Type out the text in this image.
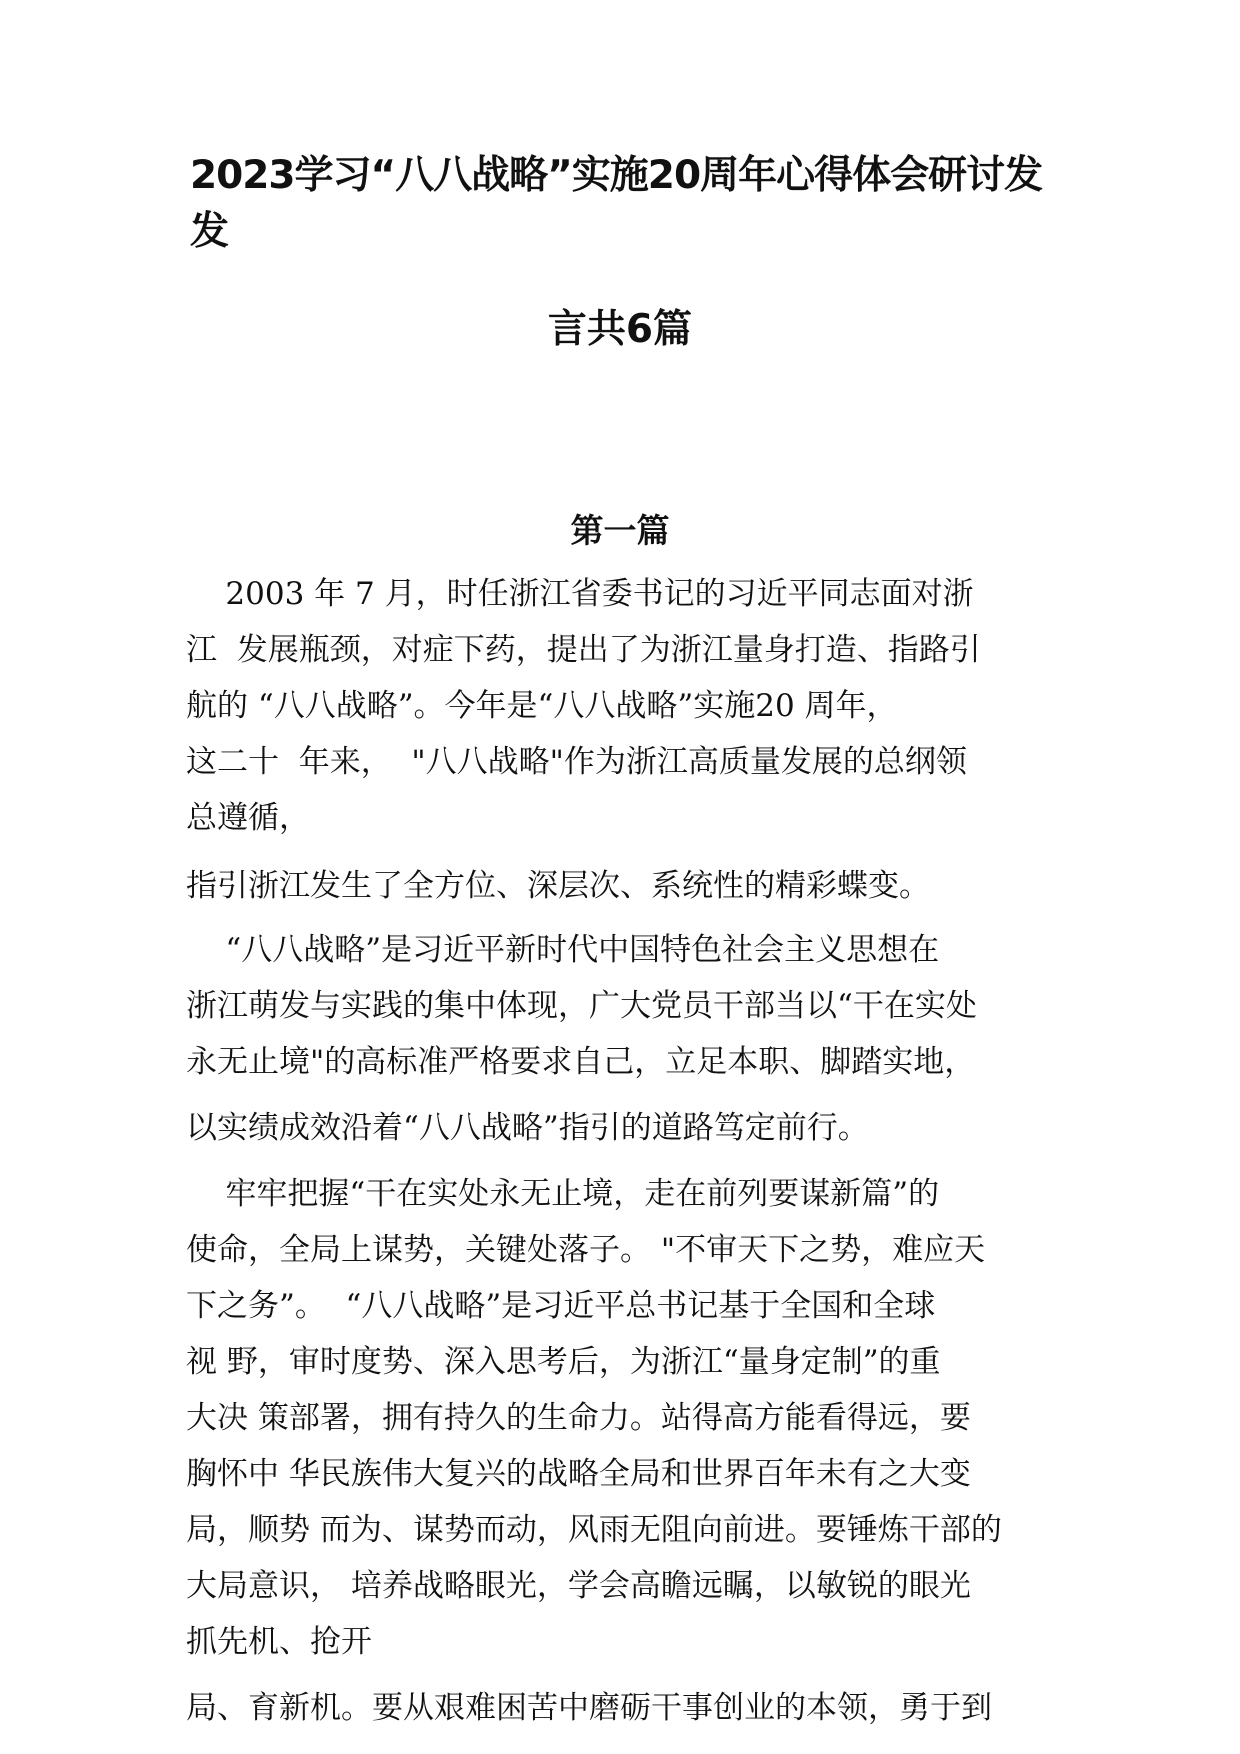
2023学习“八八战略”实施20周年心得体会研讨发
发
言共6篇
第一篇

2003 年 7 月，时任浙江省委书记的习近平同志面对浙
江  发展瓶颈，对症下药，提出了为浙江量身打造、指路引
航的 “八八战略”。今年是“八八战略”实施20 周年，
这二十  年来，  "八八战略"作为浙江高质量发展的总纲领
总遵循，

指引浙江发生了全方位、深层次、系统性的精彩蝶变。

“八八战略”是习近平新时代中国特色社会主义思想在
浙江萌发与实践的集中体现，广大党员干部当以“干在实处
永无止境"的高标准严格要求自己，立足本职、脚踏实地，

以实绩成效沿着“八八战略”指引的道路笃定前行。

牢牢把握“干在实处永无止境，走在前列要谋新篇”的
使命，全局上谋势，关键处落子。 "不审天下之势，难应天
下之务”。  “八八战略”是习近平总书记基于全国和全球
视 野，审时度势、深入思考后，为浙江“量身定制”的重
大决 策部署，拥有持久的生命力。站得高方能看得远，要
胸怀中 华民族伟大复兴的战略全局和世界百年未有之大变
局，顺势 而为、谋势而动，风雨无阻向前进。要锤炼干部的
大局意识， 培养战略眼光，学会高瞻远瞩，以敏锐的眼光
抓先机、抢开

局、育新机。要从艰难困苦中磨砺干事创业的本领，勇于到
